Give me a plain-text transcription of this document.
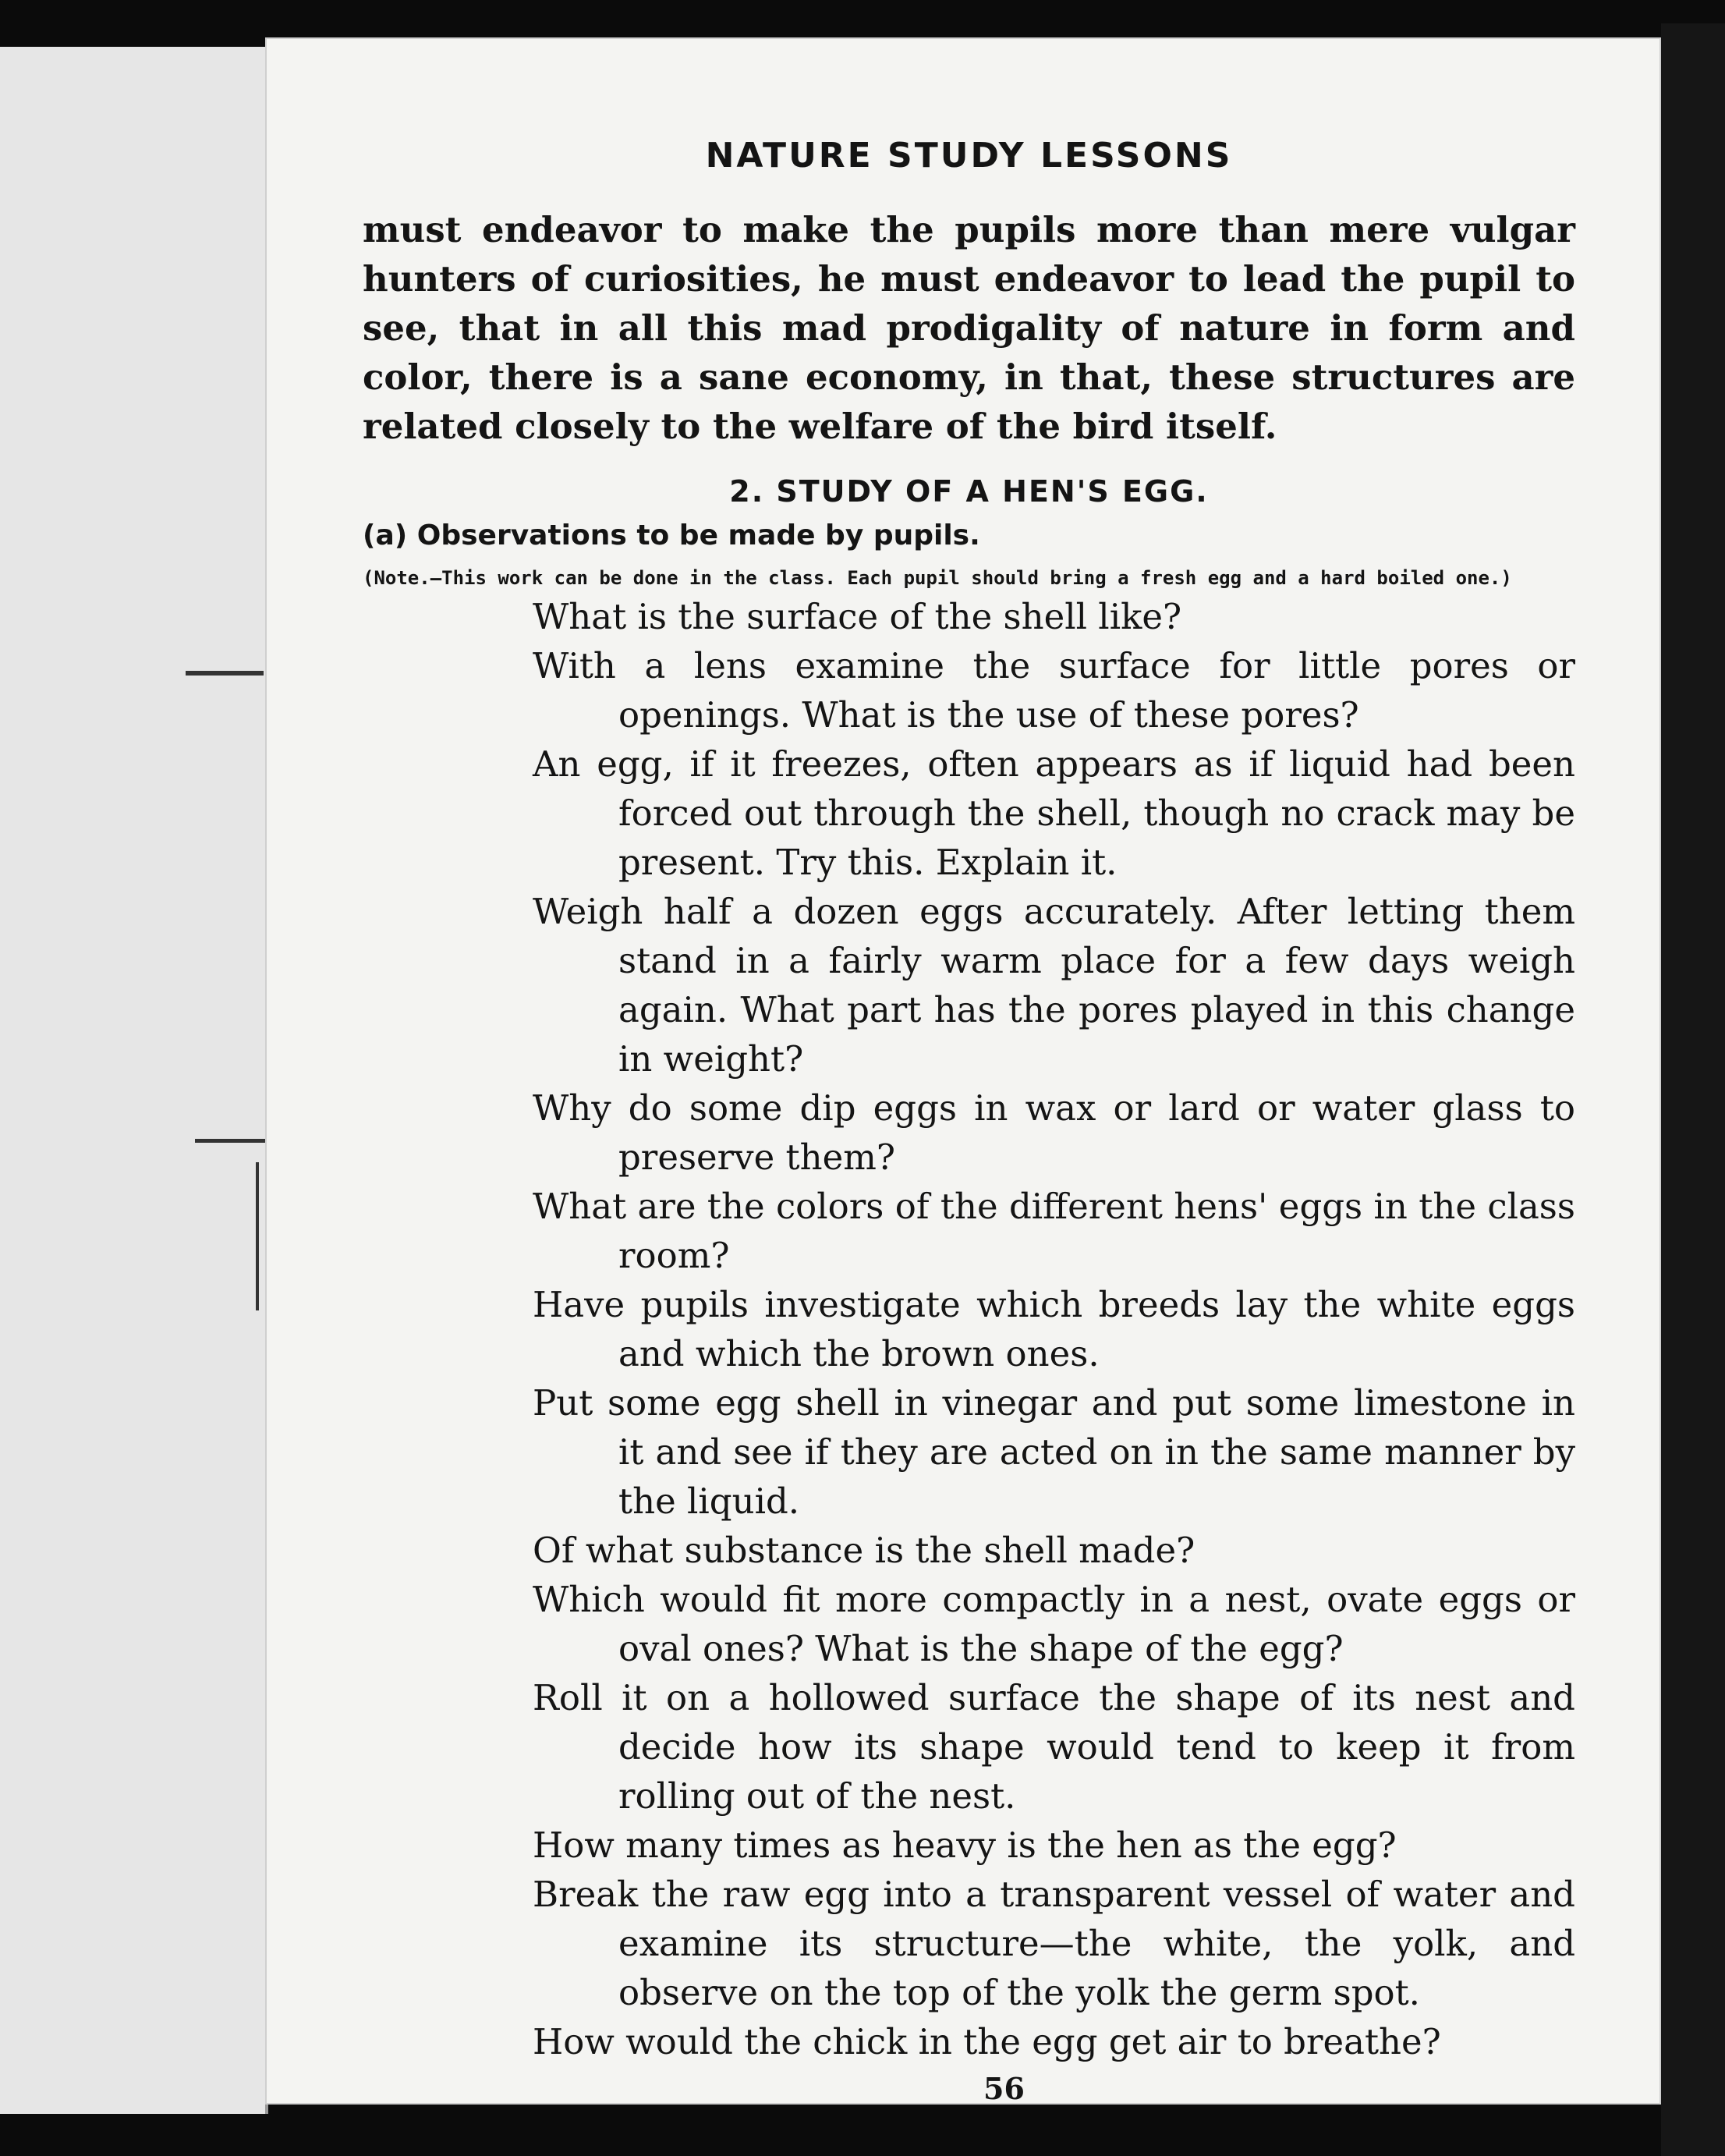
NATURE STUDY LESSONS

must endeavor to make the pupils more than mere vulgar hunters of curiosities, he must endeavor to lead the pupil to see, that in all this mad prodigality of nature in form and color, there is a sane economy, in that, these structures are related closely to the welfare of the bird itself.

2. STUDY OF A HEN'S EGG.
(a) Observations to be made by pupils.
(Note.—This work can be done in the class. Each pupil should bring a fresh egg and a hard boiled one.)

What is the surface of the shell like?

With a lens examine the surface for little pores or openings. What is the use of these pores?

An egg, if it freezes, often appears as if liquid had been forced out through the shell, though no crack may be present. Try this. Explain it.

Weigh half a dozen eggs accurately. After letting them stand in a fairly warm place for a few days weigh again. What part has the pores played in this change in weight?

Why do some dip eggs in wax or lard or water glass to preserve them?

What are the colors of the different hens' eggs in the class room?

Have pupils investigate which breeds lay the white eggs and which the brown ones.

Put some egg shell in vinegar and put some limestone in it and see if they are acted on in the same manner by the liquid.

Of what substance is the shell made?

Which would fit more compactly in a nest, ovate eggs or oval ones? What is the shape of the egg?

Roll it on a hollowed surface the shape of its nest and decide how its shape would tend to keep it from rolling out of the nest.

How many times as heavy is the hen as the egg?

Break the raw egg into a transparent vessel of water and examine its structure—the white, the yolk, and observe on the top of the yolk the germ spot.

How would the chick in the egg get air to breathe?

56
